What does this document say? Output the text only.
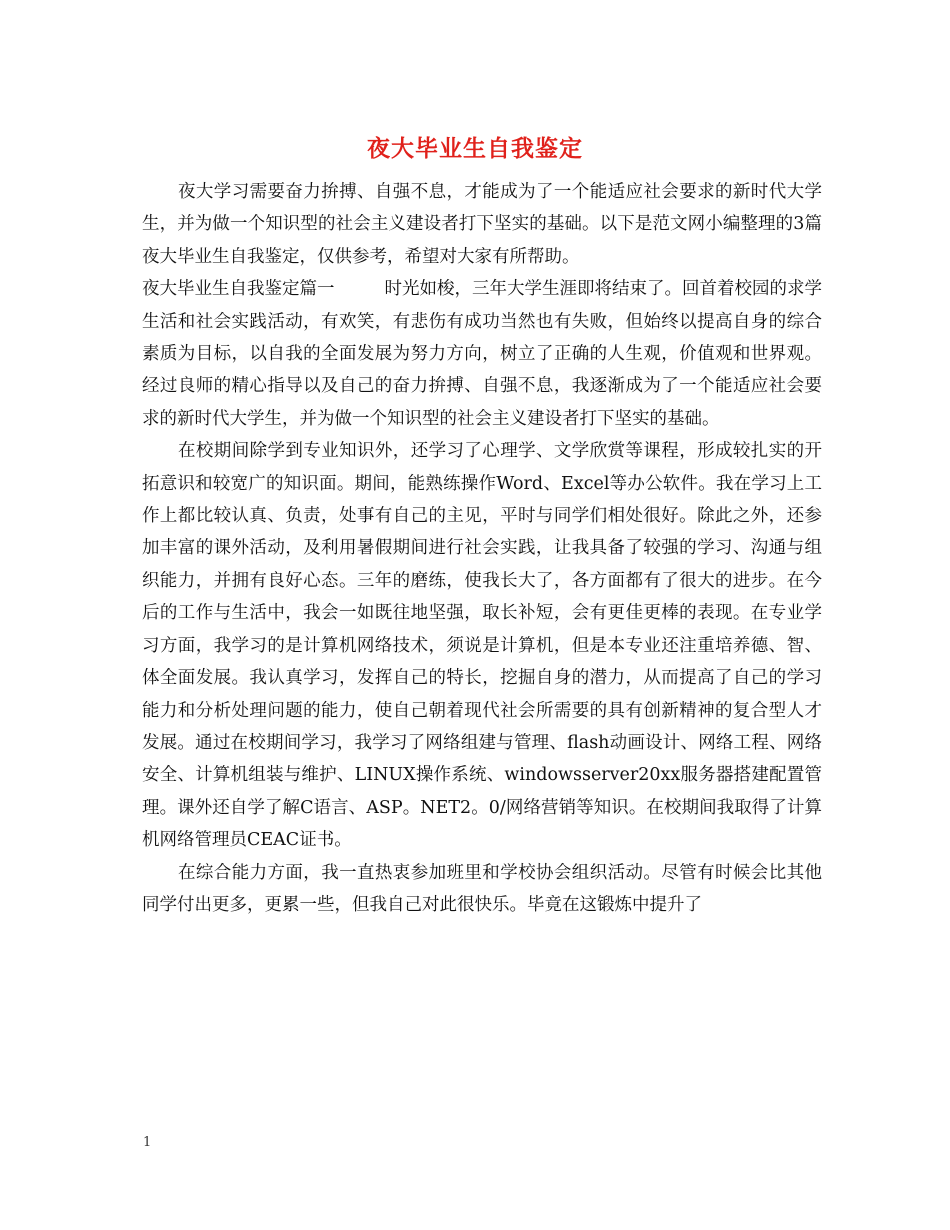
夜大毕业生自我鉴定

夜大学习需要奋力拚搏、自强不息，才能成为了一个能适应社会要求的新时代大学生，并为做一个知识型的社会主义建设者打下坚实的基础。以下是范文网小编整理的3篇夜大毕业生自我鉴定，仅供参考，希望对大家有所帮助。

夜大毕业生自我鉴定篇一	时光如梭，三年大学生涯即将结束了。回首着校园的求学生活和社会实践活动，有欢笑，有悲伤有成功当然也有失败，但始终以提高自身的综合素质为目标，以自我的全面发展为努力方向，树立了正确的人生观，价值观和世界观。经过良师的精心指导以及自己的奋力拚搏、自强不息，我逐渐成为了一个能适应社会要求的新时代大学生，并为做一个知识型的社会主义建设者打下坚实的基础。

在校期间除学到专业知识外，还学习了心理学、文学欣赏等课程，形成较扎实的开拓意识和较宽广的知识面。期间，能熟练操作Word、Excel等办公软件。我在学习上工作上都比较认真、负责，处事有自己的主见，平时与同学们相处很好。除此之外，还参加丰富的课外活动，及利用暑假期间进行社会实践，让我具备了较强的学习、沟通与组织能力，并拥有良好心态。三年的磨练，使我长大了，各方面都有了很大的进步。在今后的工作与生活中，我会一如既往地坚强，取长补短，会有更佳更棒的表现。在专业学习方面，我学习的是计算机网络技术，须说是计算机，但是本专业还注重培养德、智、体全面发展。我认真学习，发挥自己的特长，挖掘自身的潜力，从而提高了自己的学习能力和分析处理问题的能力，使自己朝着现代社会所需要的具有创新精神的复合型人才发展。通过在校期间学习，我学习了网络组建与管理、flash动画设计、网络工程、网络安全、计算机组装与维护、LINUX操作系统、windowsserver20xx服务器搭建配置管理。课外还自学了解C语言、ASP。NET2。0/网络营销等知识。在校期间我取得了计算机网络管理员CEAC证书。

在综合能力方面，我一直热衷参加班里和学校协会组织活动。尽管有时候会比其他同学付出更多，更累一些，但我自己对此很快乐。毕竟在这锻炼中提升了

1
